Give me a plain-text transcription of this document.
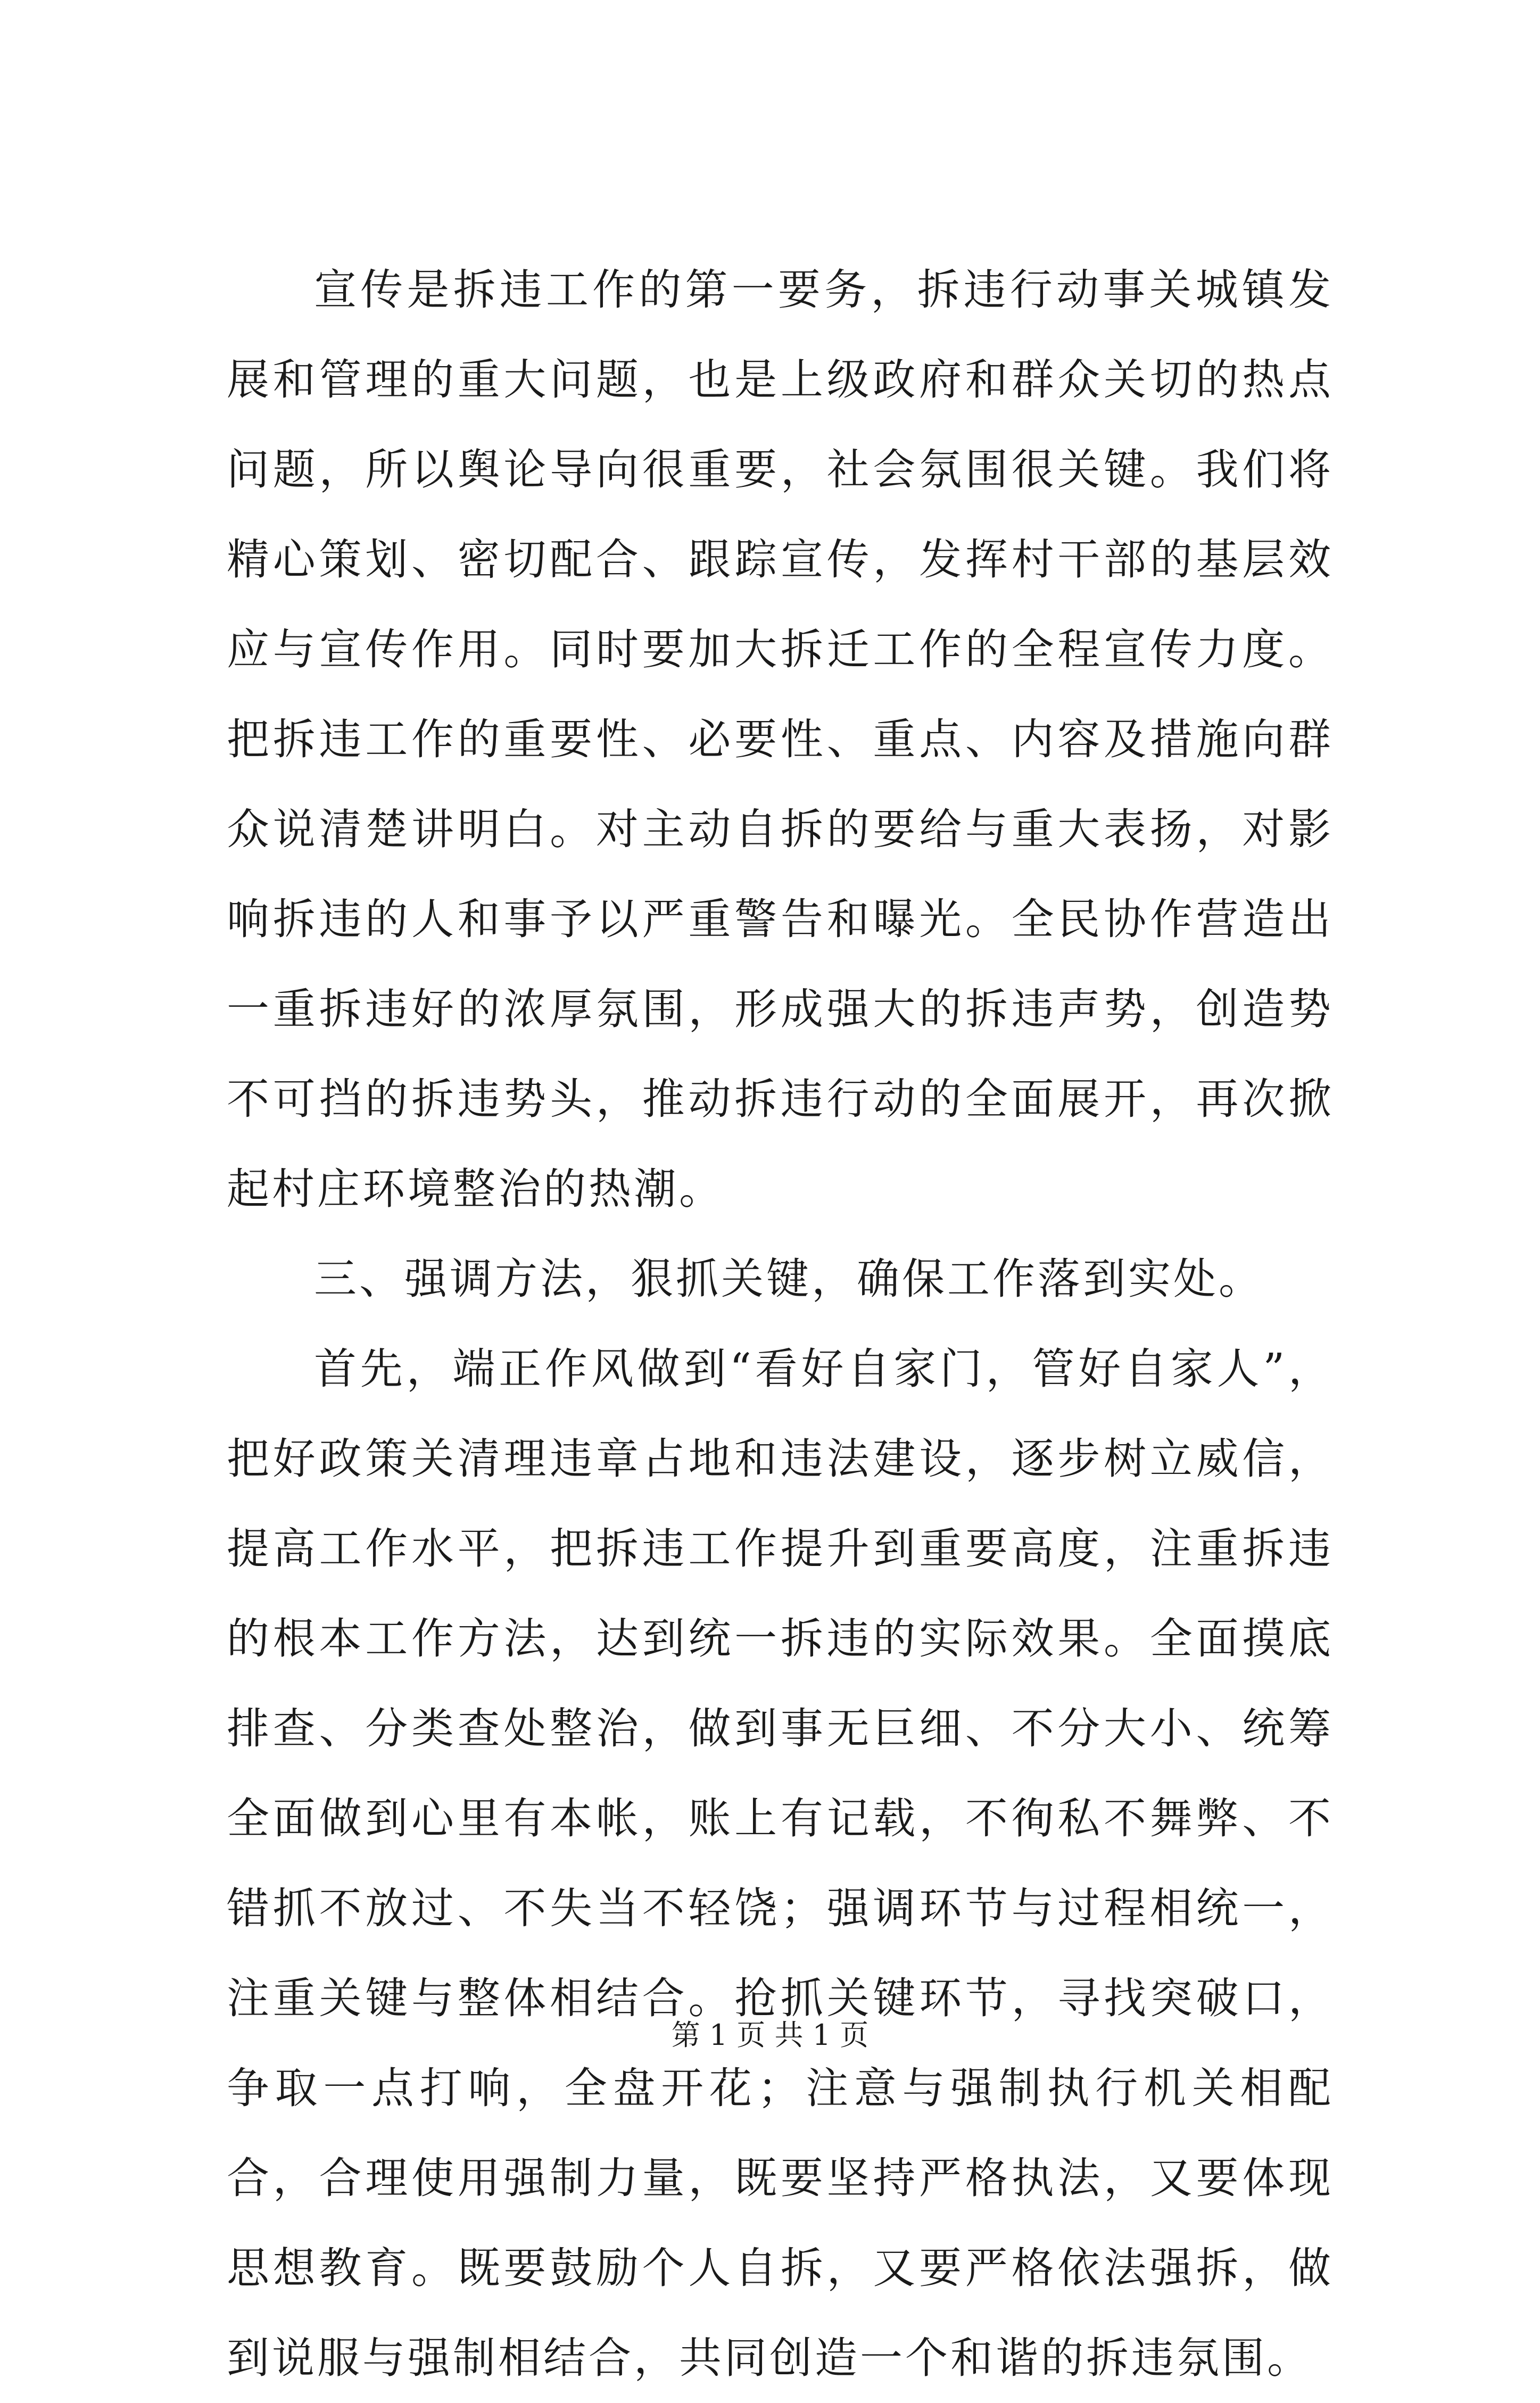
宣传是拆违工作的第一要务，拆违行动事关城镇发展和管理的重大问题，也是上级政府和群众关切的热点问题，所以舆论导向很重要，社会氛围很关键。我们将精心策划、密切配合、跟踪宣传，发挥村干部的基层效应与宣传作用。同时要加大拆迁工作的全程宣传力度。把拆违工作的重要性、必要性、重点、内容及措施向群众说清楚讲明白。对主动自拆的要给与重大表扬，对影响拆违的人和事予以严重警告和曝光。全民协作营造出一重拆违好的浓厚氛围，形成强大的拆违声势，创造势不可挡的拆违势头，推动拆违行动的全面展开，再次掀起村庄环境整治的热潮。

三、强调方法，狠抓关键，确保工作落到实处。

首先，端正作风做到“看好自家门，管好自家人”，把好政策关清理违章占地和违法建设，逐步树立威信，提高工作水平，把拆违工作提升到重要高度，注重拆违的根本工作方法，达到统一拆违的实际效果。全面摸底排查、分类查处整治，做到事无巨细、不分大小、统筹全面做到心里有本帐，账上有记载，不徇私不舞弊、不错抓不放过、不失当不轻饶；强调环节与过程相统一，注重关键与整体相结合。抢抓关键环节，寻找突破口，争取一点打响，全盘开花；注意与强制执行机关相配合，合理使用强制力量，既要坚持严格执法，又要体现思想教育。既要鼓励个人自拆，又要严格依法强拆，做到说服与强制相结合，共同创造一个和谐的拆违氛围。

第 1 页 共 1 页
